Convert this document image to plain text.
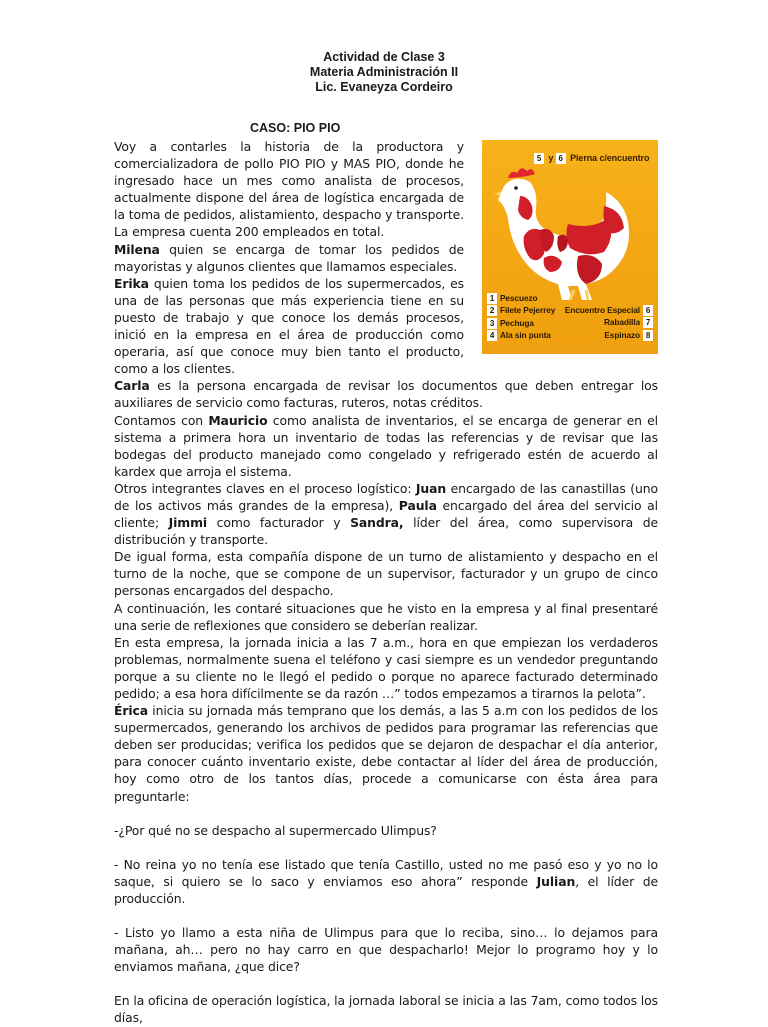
Actividad de Clase 3
Materia Administración II
Lic. Evaneyza Cordeiro
CASO: PIO PIO
5 y 6 Pierna c/encuentro
1 Pescuezo
2 Filete Pejerrey
3 Pechuga
4 Ala sin punta
Encuentro Especial 6
Rabadilla 7
Espinazo 8

Voy a contarles la historia de la productora y comercializadora de pollo PIO PIO y MAS PIO, donde he ingresado hace un mes como analista de procesos, actualmente dispone del área de logística encargada de la toma de pedidos, alistamiento, despacho y transporte. La empresa cuenta 200 empleados en total.

Milena quien se encarga de tomar los pedidos de mayoristas y algunos clientes que llamamos especiales.

Erika quien toma los pedidos de los supermercados, es una de las personas que más experiencia tiene en su puesto de trabajo y que conoce los demás procesos, inició en la empresa en el área de producción como operaria, así que conoce muy bien tanto el producto, como a los clientes.

Carla es la persona encargada de revisar los documentos que deben entregar los auxiliares de servicio como facturas, ruteros, notas créditos.

Contamos con Mauricio como analista de inventarios, el se encarga de generar en el sistema a primera hora un inventario de todas las referencias y de revisar que las bodegas del producto manejado como congelado y refrigerado estén de acuerdo al kardex que arroja el sistema.

Otros integrantes claves en el proceso logístico: Juan encargado de las canastillas (uno de los activos más grandes de la empresa), Paula encargado del área del servicio al cliente; Jimmi como facturador y Sandra, líder del área, como supervisora de distribución y transporte.

De igual forma, esta compañía dispone de un turno de alistamiento y despacho en el turno de la noche, que se compone de un supervisor, facturador y un grupo de cinco personas encargados del despacho.

A continuación, les contaré situaciones que he visto en la empresa y al final presentaré una serie de reflexiones que considero se deberían realizar.

En esta empresa, la jornada inicia a las 7 a.m., hora en que empiezan los verdaderos problemas, normalmente suena el teléfono y casi siempre es un vendedor preguntando porque a su cliente no le llegó el pedido o porque no aparece facturado determinado pedido; a esa hora difícilmente se da razón …” todos empezamos a tirarnos la pelota”.

Érica inicia su jornada más temprano que los demás, a las 5 a.m con los pedidos de los supermercados, generando los archivos de pedidos para programar las referencias que deben ser producidas; verifica los pedidos que se dejaron de despachar el día anterior, para conocer cuánto inventario existe, debe contactar al líder del área de producción, hoy como otro de los tantos días, procede a comunicarse con ésta área para preguntarle:

-¿Por qué no se despacho al supermercado Ulimpus?

- No reina yo no tenía ese listado que tenía Castillo, usted no me pasó eso y yo no lo saque, si quiero se lo saco y enviamos eso ahora” responde Julian, el líder de producción.

- Listo yo llamo a esta niña de Ulimpus para que lo reciba, sino… lo dejamos para mañana, ah… pero no hay carro en que despacharlo! Mejor lo programo hoy y lo enviamos mañana, ¿que dice?

En la oficina de operación logística, la jornada laboral se inicia a las 7am, como todos los días,
